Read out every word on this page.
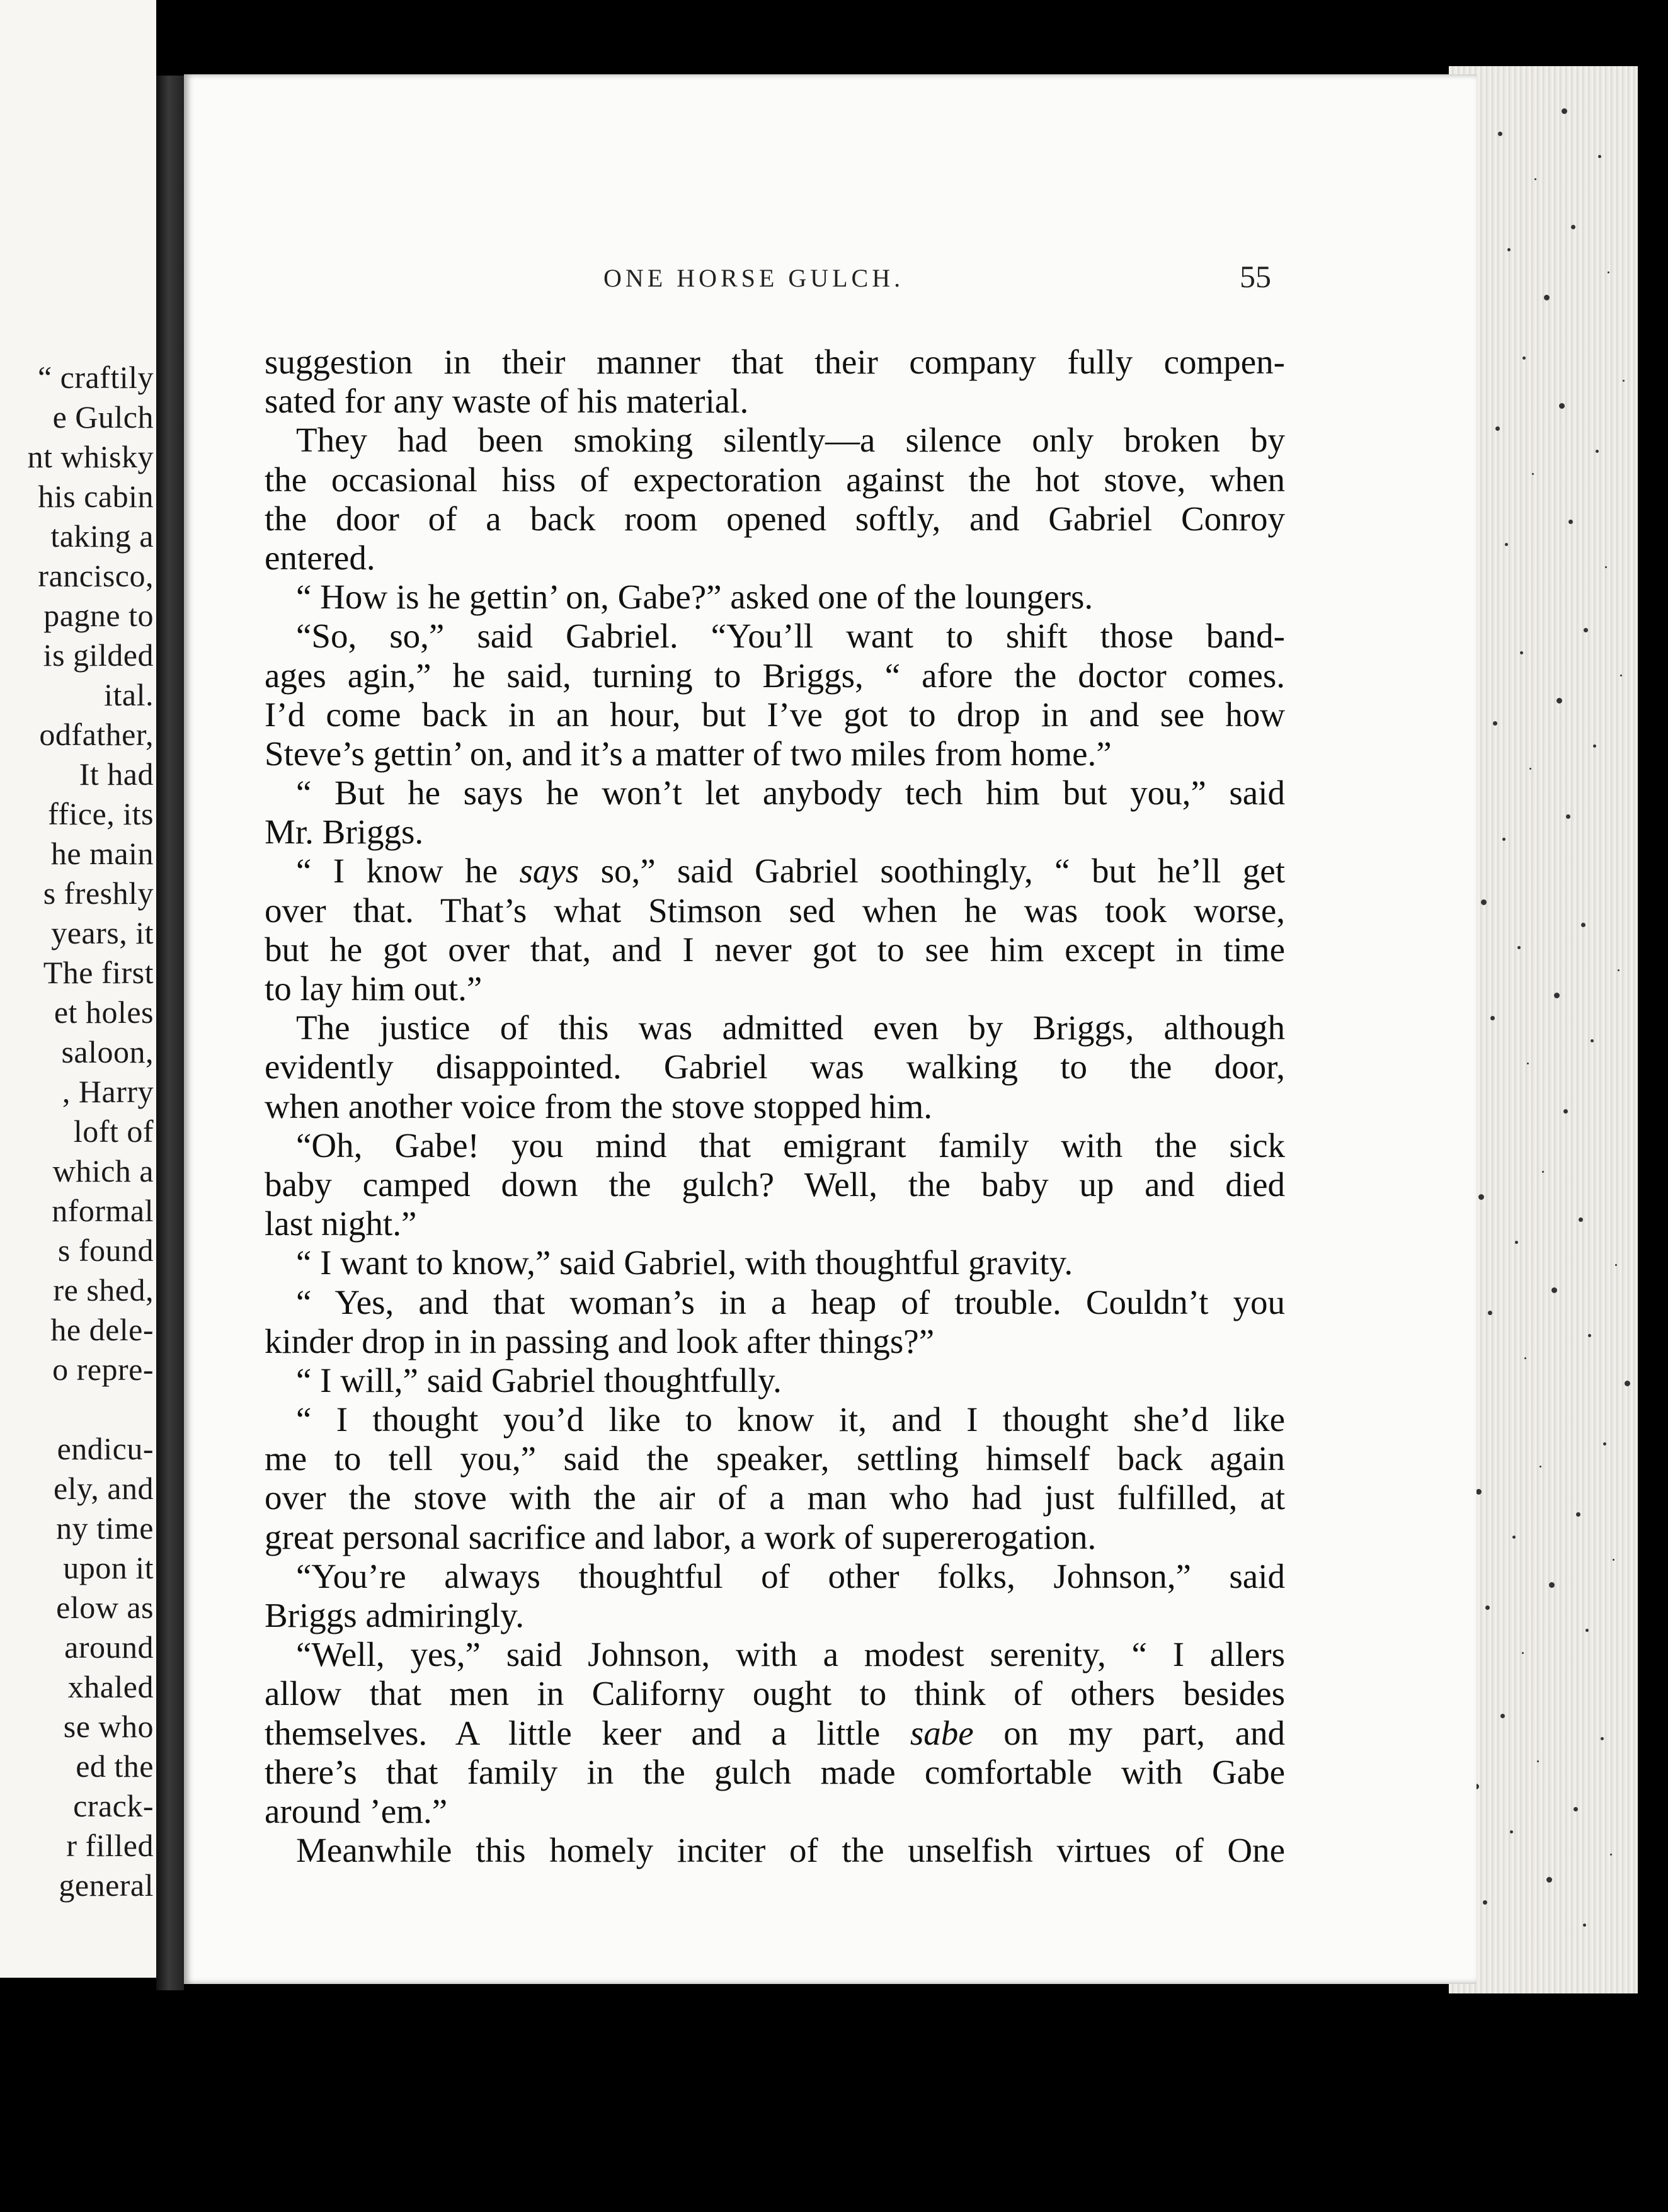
“ craftily
e Gulch
nt whisky
his cabin
taking a
rancisco,
pagne to
is gilded
ital.
odfather,
It had
ffice, its
he main
s freshly
years, it
The first
et holes
saloon,
, Harry
loft of
which a
nformal
s found
re shed,
he dele-
o repre-
endicu-
ely, and
ny time
upon it
elow as
around
xhaled
se who
ed the
crack-
r filled
general
ONE HORSE GULCH.	55
suggestion in their manner that their company fully compen-
sated for any waste of his material.
They had been smoking silently—a silence only broken by
the occasional hiss of expectoration against the hot stove, when
the door of a back room opened softly, and Gabriel Conroy
entered.
“ How is he gettin’ on, Gabe?” asked one of the loungers.
“So, so,” said Gabriel. “You’ll want to shift those band-
ages agin,” he said, turning to Briggs, “ afore the doctor comes.
I’d come back in an hour, but I’ve got to drop in and see how
Steve’s gettin’ on, and it’s a matter of two miles from home.”
“ But he says he won’t let anybody tech him but you,” said
Mr. Briggs.
“ I know he says so,” said Gabriel soothingly, “ but he’ll get
over that. That’s what Stimson sed when he was took worse,
but he got over that, and I never got to see him except in time
to lay him out.”
The justice of this was admitted even by Briggs, although
evidently disappointed. Gabriel was walking to the door,
when another voice from the stove stopped him.
“Oh, Gabe! you mind that emigrant family with the sick
baby camped down the gulch? Well, the baby up and died
last night.”
“ I want to know,” said Gabriel, with thoughtful gravity.
“ Yes, and that woman’s in a heap of trouble. Couldn’t you
kinder drop in in passing and look after things?”
“ I will,” said Gabriel thoughtfully.
“ I thought you’d like to know it, and I thought she’d like
me to tell you,” said the speaker, settling himself back again
over the stove with the air of a man who had just fulfilled, at
great personal sacrifice and labor, a work of supererogation.
“You’re always thoughtful of other folks, Johnson,” said
Briggs admiringly.
“Well, yes,” said Johnson, with a modest serenity, “ I allers
allow that men in Californy ought to think of others besides
themselves. A little keer and a little sabe on my part, and
there’s that family in the gulch made comfortable with Gabe
around ’em.”
Meanwhile this homely inciter of the unselfish virtues of One
